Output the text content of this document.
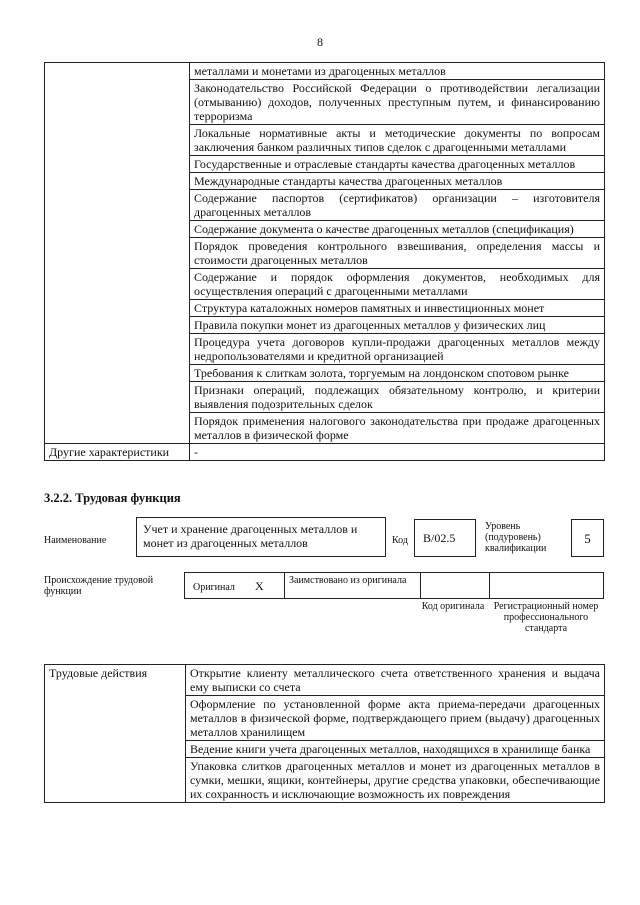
8
	металлами и монетами из драгоценных металлов
	Законодательство Российской Федерации о противодействии легализации (отмыванию) доходов, полученных преступным путем, и финансированию терроризма
	Локальные нормативные акты и методические документы по вопросам заключения банком различных типов сделок с драгоценными металлами
	Государственные и отраслевые стандарты качества драгоценных металлов
	Международные стандарты качества драгоценных металлов
	Содержание паспортов (сертификатов) организации – изготовителя драгоценных металлов
	Содержание документа о качестве драгоценных металлов (спецификация)
	Порядок проведения контрольного взвешивания, определения массы и стоимости драгоценных металлов
	Содержание и порядок оформления документов, необходимых для осуществления операций с драгоценными металлами
	Структура каталожных номеров памятных и инвестиционных монет
	Правила покупки монет из драгоценных металлов у физических лиц
	Процедура учета договоров купли-продажи драгоценных металлов между недропользователями и кредитной организацией
	Требования к слиткам золота, торгуемым на лондонском спотовом рынке
	Признаки операций, подлежащих обязательному контролю, и критерии выявления подозрительных сделок
	Порядок применения налогового законодательства при продаже драгоценных металлов в физической форме
Другие характеристики	-
3.2.2. Трудовая функция
Наименование
Учет и хранение драгоценных металлов и монет из драгоценных металлов	Код	В/02.5
Уровень (подуровень) квалификации
5
Происхождение трудовой функции	Оригинал X	Заимствовано из оригинала
Код оригинала Регистрационный номер профессионального стандарта
Трудовые действия	Открытие клиенту металлического счета ответственного хранения и выдача ему выписки со счета
Оформление по установленной форме акта приема-передачи драгоценных металлов в физической форме, подтверждающего прием (выдачу) драгоценных металлов хранилищем
Ведение книги учета драгоценных металлов, находящихся в хранилище банка
Упаковка слитков драгоценных металлов и монет из драгоценных металлов в сумки, мешки, ящики, контейнеры, другие средства упаковки, обеспечивающие их сохранность и исключающие возможность их повреждения
